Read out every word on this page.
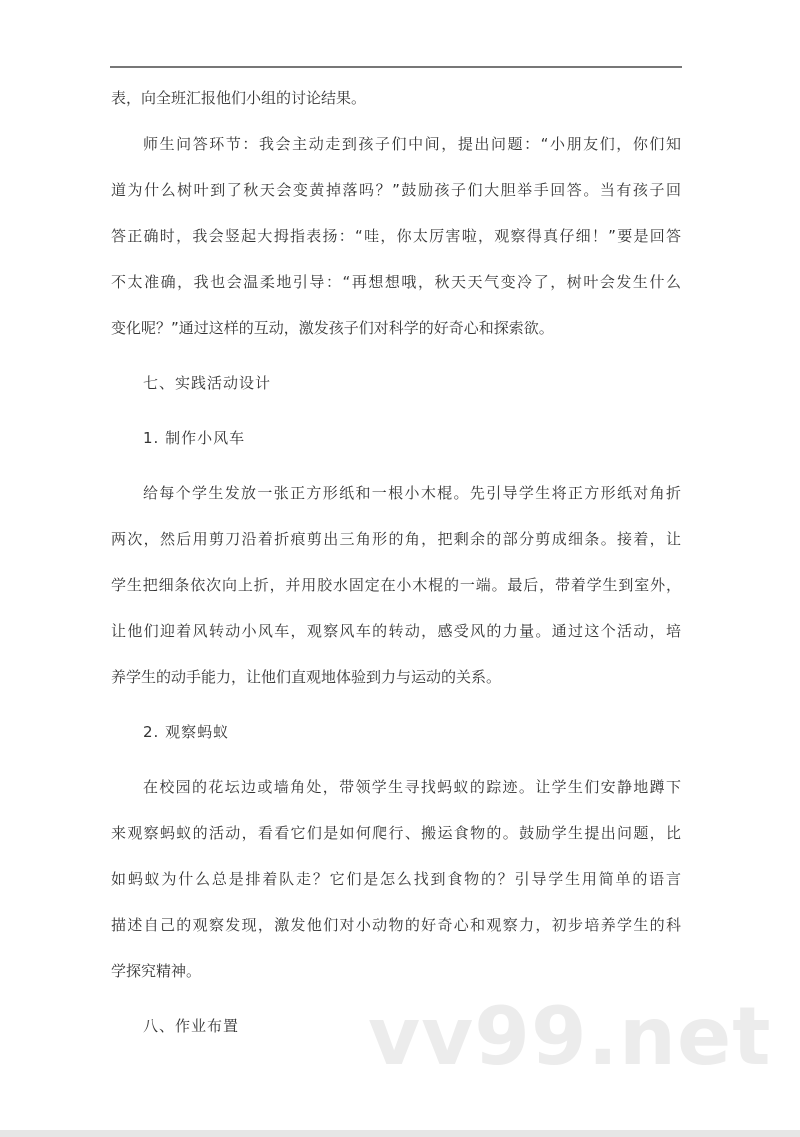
表，向全班汇报他们小组的讨论结果。
师生问答环节：我会主动走到孩子们中间，提出问题：“小朋友们，你们知
道为什么树叶到了秋天会变黄掉落吗？”鼓励孩子们大胆举手回答。当有孩子回
答正确时，我会竖起大拇指表扬：“哇，你太厉害啦，观察得真仔细！”要是回答
不太准确，我也会温柔地引导：“再想想哦，秋天天气变冷了，树叶会发生什么
变化呢？”通过这样的互动，激发孩子们对科学的好奇心和探索欲。
七、实践活动设计
1. 制作小风车
给每个学生发放一张正方形纸和一根小木棍。先引导学生将正方形纸对角折
两次，然后用剪刀沿着折痕剪出三角形的角，把剩余的部分剪成细条。接着，让
学生把细条依次向上折，并用胶水固定在小木棍的一端。最后，带着学生到室外，
让他们迎着风转动小风车，观察风车的转动，感受风的力量。通过这个活动，培
养学生的动手能力，让他们直观地体验到力与运动的关系。
2. 观察蚂蚁
在校园的花坛边或墙角处，带领学生寻找蚂蚁的踪迹。让学生们安静地蹲下
来观察蚂蚁的活动，看看它们是如何爬行、搬运食物的。鼓励学生提出问题，比
如蚂蚁为什么总是排着队走？它们是怎么找到食物的？引导学生用简单的语言
描述自己的观察发现，激发他们对小动物的好奇心和观察力，初步培养学生的科
学探究精神。
八、作业布置	vv99.net
